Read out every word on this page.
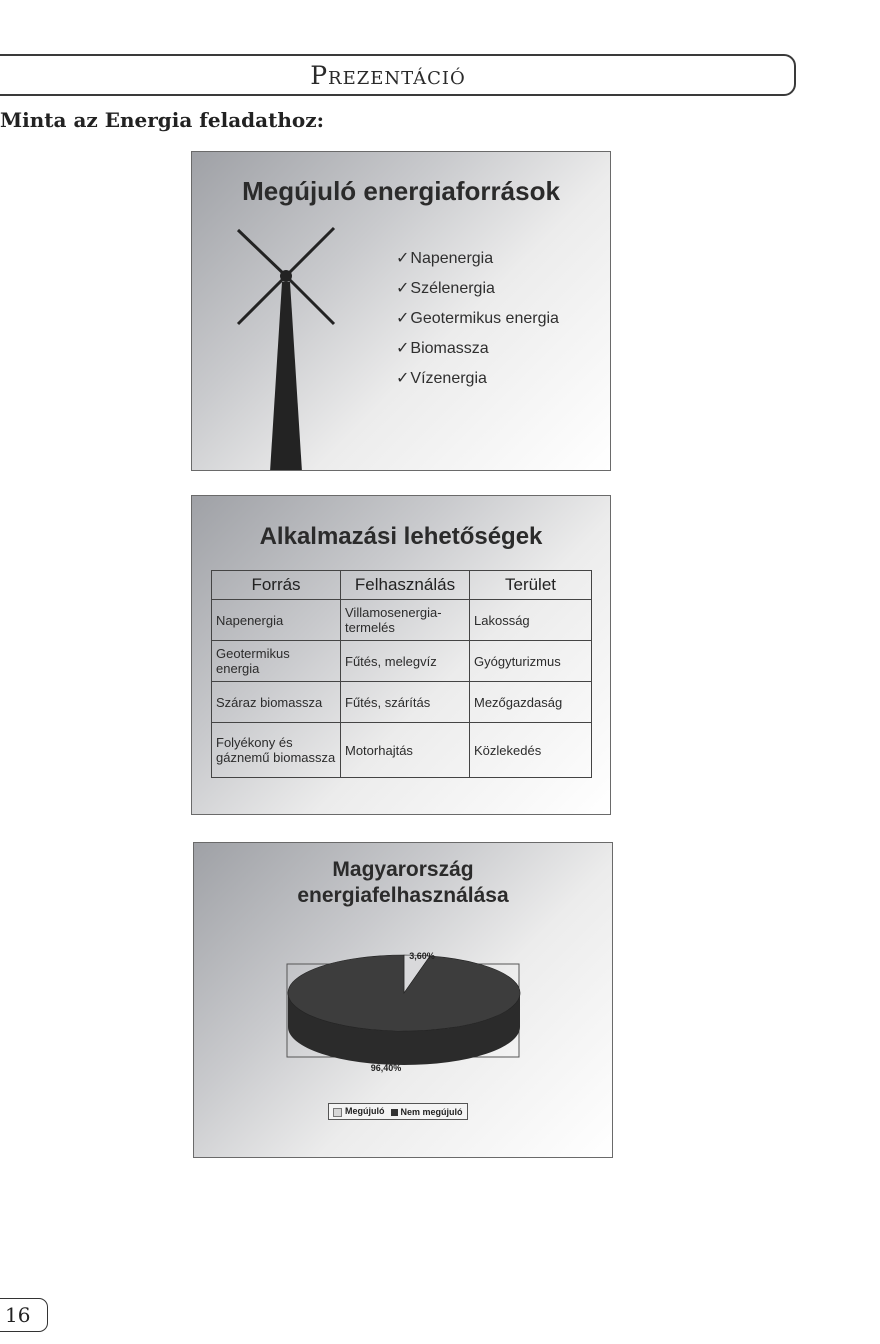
Prezentáció
Minta az Energia feladathoz:
Megújuló energiaforrások
✓Napenergia
✓Szélenergia
✓Geotermikus energia
✓Biomassza
✓Vízenergia
Alkalmazási lehetőségek
Forrás	Felhasználás	Terület
Napenergia	Villamosenergia-termelés	Lakosság
Geotermikus energia	Fűtés, melegvíz	Gyógyturizmus
Száraz biomassza	Fűtés, szárítás	Mezőgazdaság
Folyékony és gáznemű biomassza	Motorhajtás	Közlekedés
Magyarország
energiafelhasználása
3,60%
96,40%
Megújuló	Nem megújuló
16
